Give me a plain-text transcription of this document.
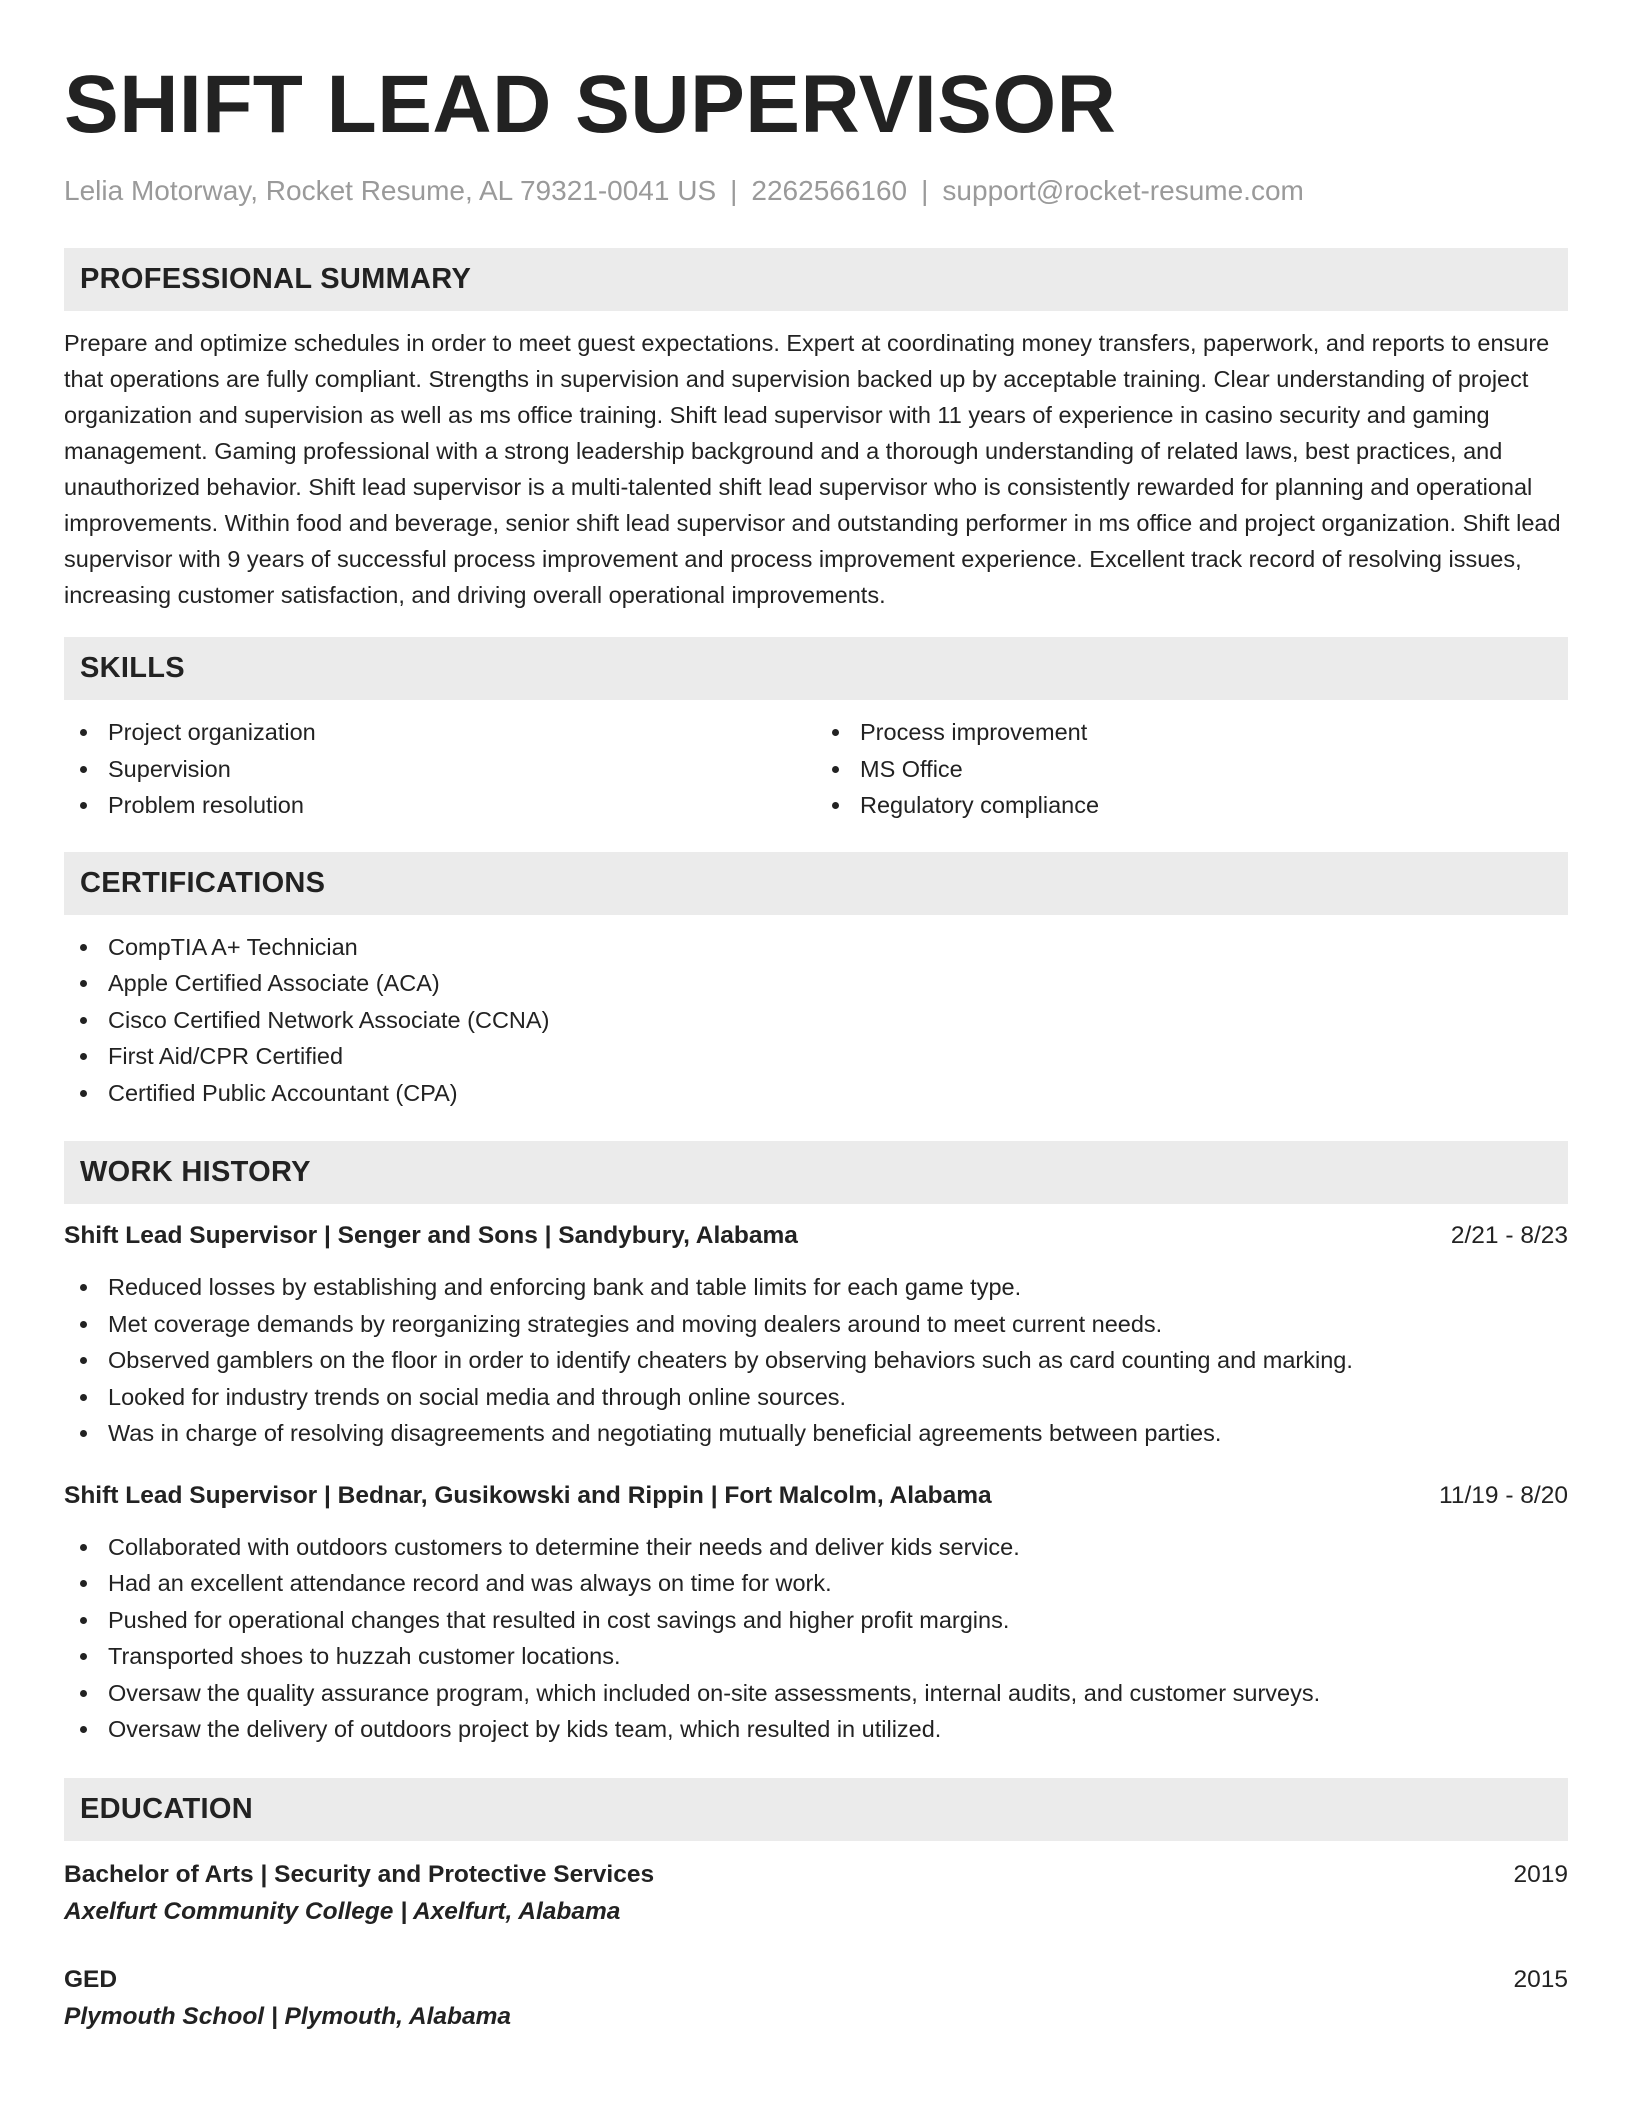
SHIFT LEAD SUPERVISOR
Lelia Motorway, Rocket Resume, AL 79321-0041 US | 2262566160 | support@rocket-resume.com
PROFESSIONAL SUMMARY

Prepare and optimize schedules in order to meet guest expectations. Expert at coordinating money transfers, paperwork, and reports to ensure that operations are fully compliant. Strengths in supervision and supervision backed up by acceptable training. Clear understanding of project organization and supervision as well as ms office training. Shift lead supervisor with 11 years of experience in casino security and gaming management. Gaming professional with a strong leadership background and a thorough understanding of related laws, best practices, and unauthorized behavior. Shift lead supervisor is a multi-talented shift lead supervisor who is consistently rewarded for planning and operational improvements. Within food and beverage, senior shift lead supervisor and outstanding performer in ms office and project organization. Shift lead supervisor with 9 years of successful process improvement and process improvement experience. Excellent track record of resolving issues, increasing customer satisfaction, and driving overall operational improvements.

SKILLS
Project organization
Supervision
Problem resolution
Process improvement
MS Office
Regulatory compliance
CERTIFICATIONS
CompTIA A+ Technician
Apple Certified Associate (ACA)
Cisco Certified Network Associate (CCNA)
First Aid/CPR Certified
Certified Public Accountant (CPA)
WORK HISTORY
Shift Lead Supervisor | Senger and Sons | Sandybury, Alabama	2/21 - 8/23
Reduced losses by establishing and enforcing bank and table limits for each game type.
Met coverage demands by reorganizing strategies and moving dealers around to meet current needs.
Observed gamblers on the floor in order to identify cheaters by observing behaviors such as card counting and marking.
Looked for industry trends on social media and through online sources.
Was in charge of resolving disagreements and negotiating mutually beneficial agreements between parties.
Shift Lead Supervisor | Bednar, Gusikowski and Rippin | Fort Malcolm, Alabama	11/19 - 8/20
Collaborated with outdoors customers to determine their needs and deliver kids service.
Had an excellent attendance record and was always on time for work.
Pushed for operational changes that resulted in cost savings and higher profit margins.
Transported shoes to huzzah customer locations.
Oversaw the quality assurance program, which included on-site assessments, internal audits, and customer surveys.
Oversaw the delivery of outdoors project by kids team, which resulted in utilized.
EDUCATION
Bachelor of Arts | Security and Protective Services	2019
Axelfurt Community College | Axelfurt, Alabama
GED	2015
Plymouth School | Plymouth, Alabama
